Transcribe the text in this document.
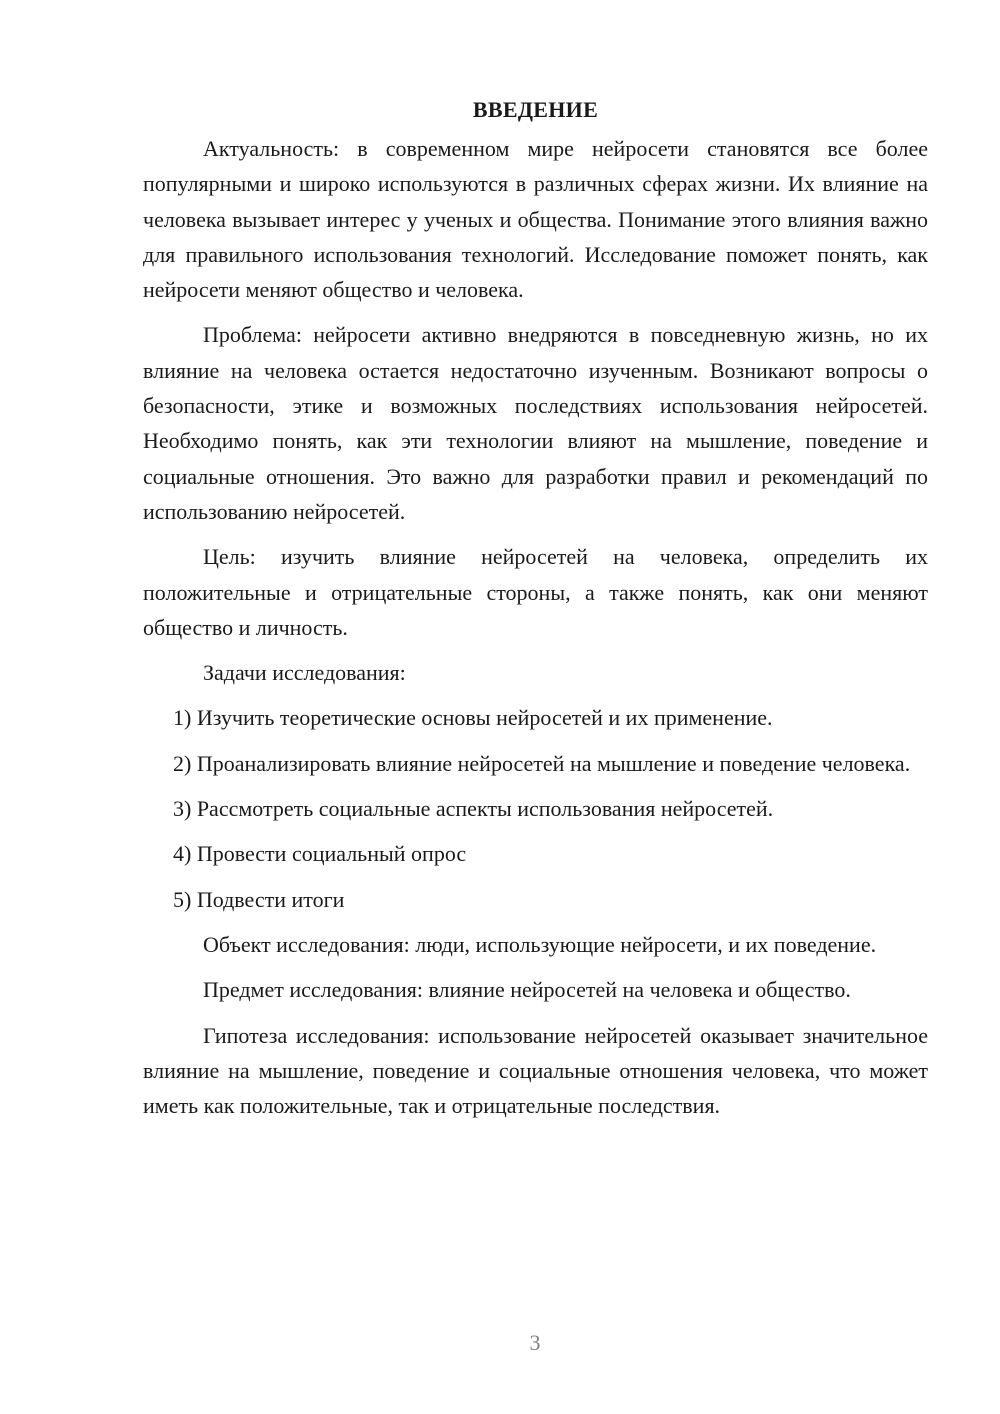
ВВЕДЕНИЕ

Актуальность: в современном мире нейросети становятся все более популярными и широко используются в различных сферах жизни. Их влияние на человека вызывает интерес у ученых и общества. Понимание этого влияния важно для правильного использования технологий. Исследование поможет понять, как нейросети меняют общество и человека.

Проблема: нейросети активно внедряются в повседневную жизнь, но их влияние на человека остается недостаточно изученным. Возникают вопросы о безопасности, этике и возможных последствиях использования нейросетей. Необходимо понять, как эти технологии влияют на мышление, поведение и социальные отношения. Это важно для разработки правил и рекомендаций по использованию нейросетей.

Цель: изучить влияние нейросетей на человека, определить их положительные и отрицательные стороны, а также понять, как они меняют общество и личность.

Задачи исследования:

1) Изучить теоретические основы нейросетей и их применение.

2) Проанализировать влияние нейросетей на мышление и поведение человека.

3) Рассмотреть социальные аспекты использования нейросетей.

4) Провести социальный опрос

5) Подвести итоги

Объект исследования: люди, использующие нейросети, и их поведение.

Предмет исследования: влияние нейросетей на человека и общество.

Гипотеза исследования: использование нейросетей оказывает значительное влияние на мышление, поведение и социальные отношения человека, что может иметь как положительные, так и отрицательные последствия.

3
